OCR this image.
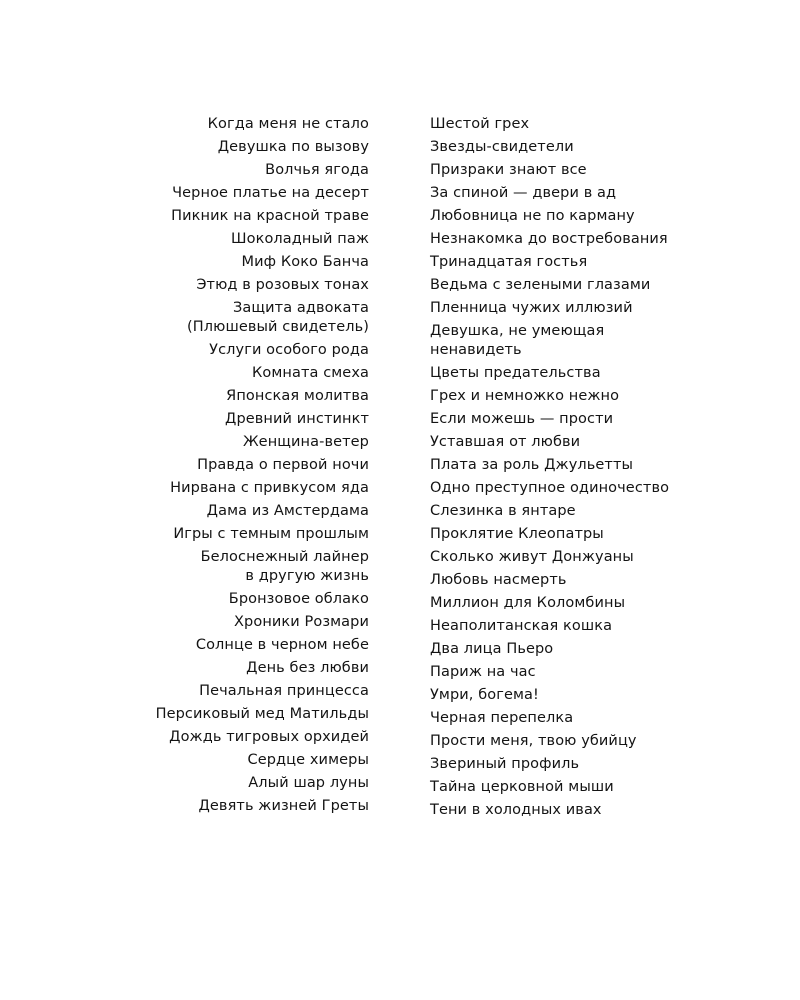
Когда меня не стало
Девушка по вызову
Волчья ягода
Черное платье на десерт
Пикник на красной траве
Шоколадный паж
Миф Коко Банча
Этюд в розовых тонах
Защита адвоката
(Плюшевый свидетель)
Услуги особого рода
Комната смеха
Японская молитва
Древний инстинкт
Женщина-ветер
Правда о первой ночи
Нирвана с привкусом яда
Дама из Амстердама
Игры с темным прошлым
Белоснежный лайнер
в другую жизнь
Бронзовое облако
Хроники Розмари
Солнце в черном небе
День без любви
Печальная принцесса
Персиковый мед Матильды
Дождь тигровых орхидей
Сердце химеры
Алый шар луны
Девять жизней Греты
Шестой грех
Звезды-свидетели
Призраки знают все
За спиной — двери в ад
Любовница не по карману
Незнакомка до востребования
Тринадцатая гостья
Ведьма с зелеными глазами
Пленница чужих иллюзий
Девушка, не умеющая
ненавидеть
Цветы предательства
Грех и немножко нежно
Если можешь — прости
Уставшая от любви
Плата за роль Джульетты
Одно преступное одиночество
Слезинка в янтаре
Проклятие Клеопатры
Сколько живут Донжуаны
Любовь насмерть
Миллион для Коломбины
Неаполитанская кошка
Два лица Пьеро
Париж на час
Умри, богема!
Черная перепелка
Прости меня, твою убийцу
Звериный профиль
Тайна церковной мыши
Тени в холодных ивах
